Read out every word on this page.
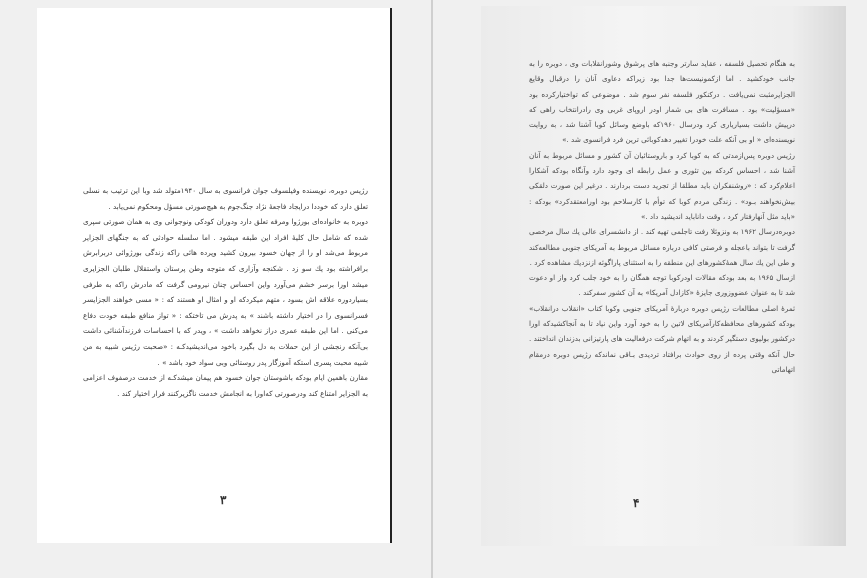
رژیس دوبره، نویسنده وفیلسوف جوان فرانسوی به سال ۱۹۴۰متولد شد وبا این ترتیب به نسلی تعلق دارد که خوددا درایجاد فاجعهٔ نژاد جنگ‌جوم به هیچ‌صورتی مسؤل ومحکوم نمی‌یابد .

دوبره به خانواده‌ای بورژوا ومرفه تعلق دارد ودوران کودکی ونوجوانی وی به همان صورتی سپری شده که شامل حال کلیهٔ افراد این طبقه میشود . اما سلسله حوادثی که به جنگهای الجزایر مربوط می‌شد او را از جهان خسود بیرون کشید وپرده هائی راکه زندگی بورژوائی دربرابرش برافراشته بود یك سو زد . شکنجه وآزاری که متوجه وطن پرستان واستقلال طلبان الجزایری میشد اورا برسر خشم می‌آورد واین احساس چنان نیرومی گرفت که مادرش راکه به طرفی بسیاردوره علاقه اش بسود ، متهم میکردکه او و امثال او هستند که : « مسی خواهند الجزایسر فسرانسوی را در اختیار داشته باشند » به پدرش می تاختکه : « تواز منافع طبقه خودت دفاع می‌کنی . اما این طبقه عمری دراز نخواهد داشت » ، ویدر که با احساسات فرزندآشنائی داشت بی‌آنکه رنجشی از این حملات به دل بگیرد باخود می‌اندیشیدکـه : «صحبت رژیس شبیه به من شبیه محبت پسری استکه آموزگار پدر روستائی وبی سواد خود باشد » .

مقارن باهمین ایام بودکه باشوستان جوان خسود هم پیمان میشدکـه از خدمت درصفوف اعزامی به الجزایر امتناع کند ودرصورتی که‌اورا به انجامش خدمت ناگزیرکنند فرار اختیار کند .

۳

به هنگام تحصیل فلسفه ، عقاید سارتر وجنبه های پرشوق وشورانقلابات وی ، دوبره را به جانب خودکشید . اما ازکمونیست‌ها جدا بود زیراکه دعاوی آنان را درقبال وقایع الجزایرمثبت نمی‌یافت . درکنکور فلسفه نفر سوم شد . موضوعی که تواختیارکرده بود «مسؤلیت» بود . مسافرت های بی شمار اودر اروپای غربی وی رادرانتخاب راهی که درپیش داشت بسیاریاری کرد ودرسال ۱۹۶۰که باوضع وسائل کوبا آشنا شد ، به روایت نویسنده‌ای « او بی آنکه علت خودرا تغییر دهدکوبائی ترین فرد فرانسوی شد .»

رژیس دوبره پس‌ازمدتی که به کوبا کرد و باروستائیان آن کشور و مسائل مربوط به آنان آشنا شد ، احساس کردکه بین تئوری و عمل رابطه ای وجود دارد وآنگاه بودکه آشکارا اعلام‌کرد که : «روشنفکران باید مطلقا از تجرید دست بردارند . درغیر این صورت دلقکی بیش‌نخواهند بـود» . زندگی مردم کوبا که توأم با کارسلاحم بود اورامعتقدکرد» بودکه : «باید مثل آنهارفتار کرد ، وقت داناباید اندیشید داد .»

دوبره‌درسال ۱۹۶۲ به ونزوئلا رفت تاجلمی تهیه کند . از دانشسرای عالی یك سال مرخصی گرفت تا بتواند باعجله و فرصتی کافی درباره مسائل مربوط به آمریکای جنوبی مطالعه‌کند و طی این یك سال همهٔ‌کشورهای این منطقه را به استثنای پاراگوئه ازنزدیك مشاهده کرد .

ازسال ۱۹۶۵ به بعد بودکه مقالات اودرکوبا توجه همگان را به خود جلب کرد واز او دعوت شد تا به عنوان عضووزوری جایزهٔ «کازادل آمریکا» به آن کشور سفرکند .

ثمرهٔ اصلی مطالعات رژیس دوبره دربارهٔ آمریکای جنوبی وکوبا کتاب «انقلاب درانقلاب» بودکه کشورهای محافظه‌کارآمریکای لاتین را به خود آورد واین نیاد تا به آنجاکشیدکه اورا درکشور بولیوی دستگیر کردند و به اتهام شرکت درفعالیت های پارتیزانی بدزندان انداختند . حال آنکه وقتی پرده از روی حوادث برافتاد تردیدی بـاقی نماندکه رژیس دوبره درمقام اتهاماتی

۴
